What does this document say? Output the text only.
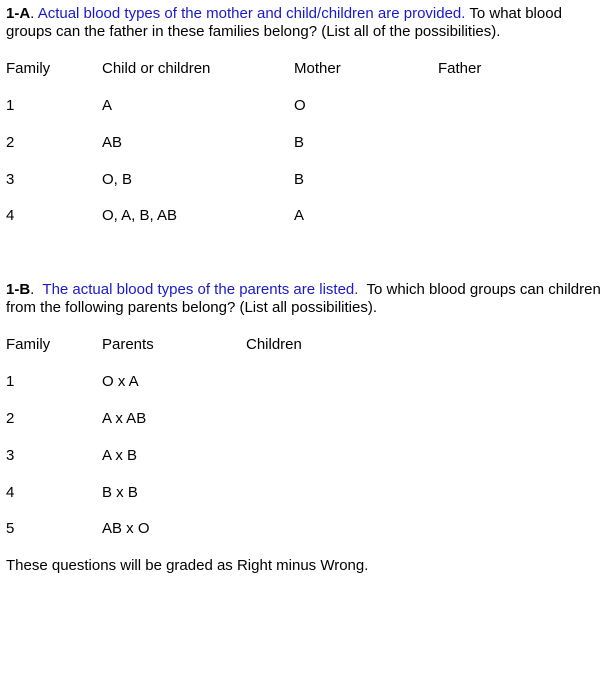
1-A. Actual blood types of the mother and child/children are provided. To what blood groups can the father in these families belong? (List all of the possibilities).

Family	Child or children	Mother	Father
1	A	O
2	AB	B
3	O, B	B
4	O, A, B, AB	A

1-B.  The actual blood types of the parents are listed.  To which blood groups can children from the following parents belong? (List all possibilities).

Family	Parents	Children
1	O x A
2	A x AB
3	A x B
4	B x B
5	AB x O

These questions will be graded as Right minus Wrong.
